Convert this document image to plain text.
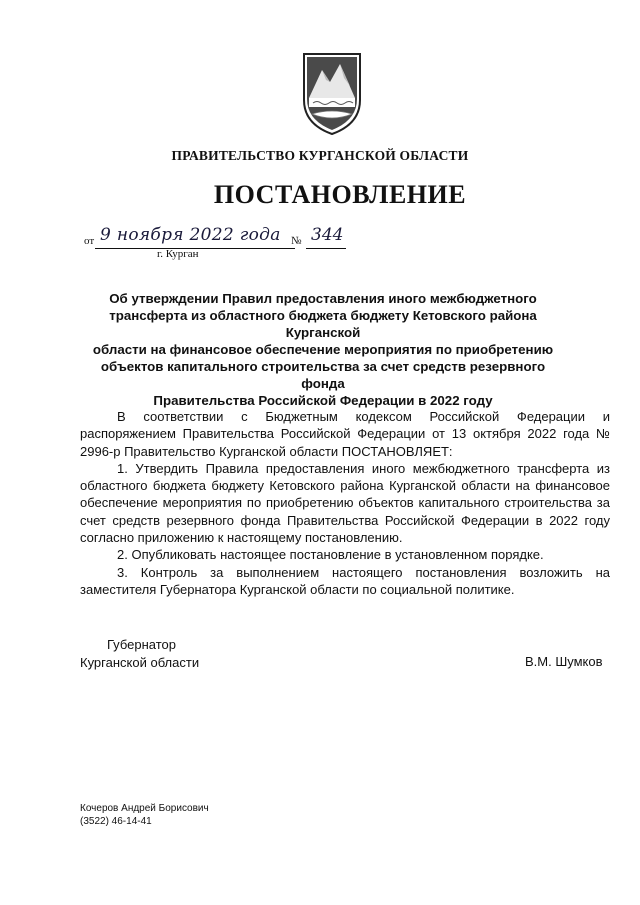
ПРАВИТЕЛЬСТВО КУРГАНСКОЙ ОБЛАСТИ
ПОСТАНОВЛЕНИЕ
от 9 ноября 2022 года № 344
г. Курган
Об утверждении Правил предоставления иного межбюджетного
трансферта из областного бюджета бюджету Кетовского района Курганской
области на финансовое обеспечение мероприятия по приобретению
объектов капитального строительства за счет средств резервного фонда
Правительства Российской Федерации в 2022 году

В соответствии с Бюджетным кодексом Российской Федерации и распоряжением Правительства Российской Федерации от 13 октября 2022 года № 2996-р Правительство Курганской области ПОСТАНОВЛЯЕТ:

1. Утвердить Правила предоставления иного межбюджетного трансферта из областного бюджета бюджету Кетовского района Курганской области на финансовое обеспечение мероприятия по приобретению объектов капитального строительства за счет средств резервного фонда Правительства Российской Федерации в 2022 году согласно приложению к настоящему постановлению.

2. Опубликовать настоящее постановление в установленном порядке.

3. Контроль за выполнением настоящего постановления возложить на заместителя Губернатора Курганской области по социальной политике.

Губернатор
Курганской области	В.М. Шумков
Кочеров Андрей Борисович
(3522) 46-14-41
